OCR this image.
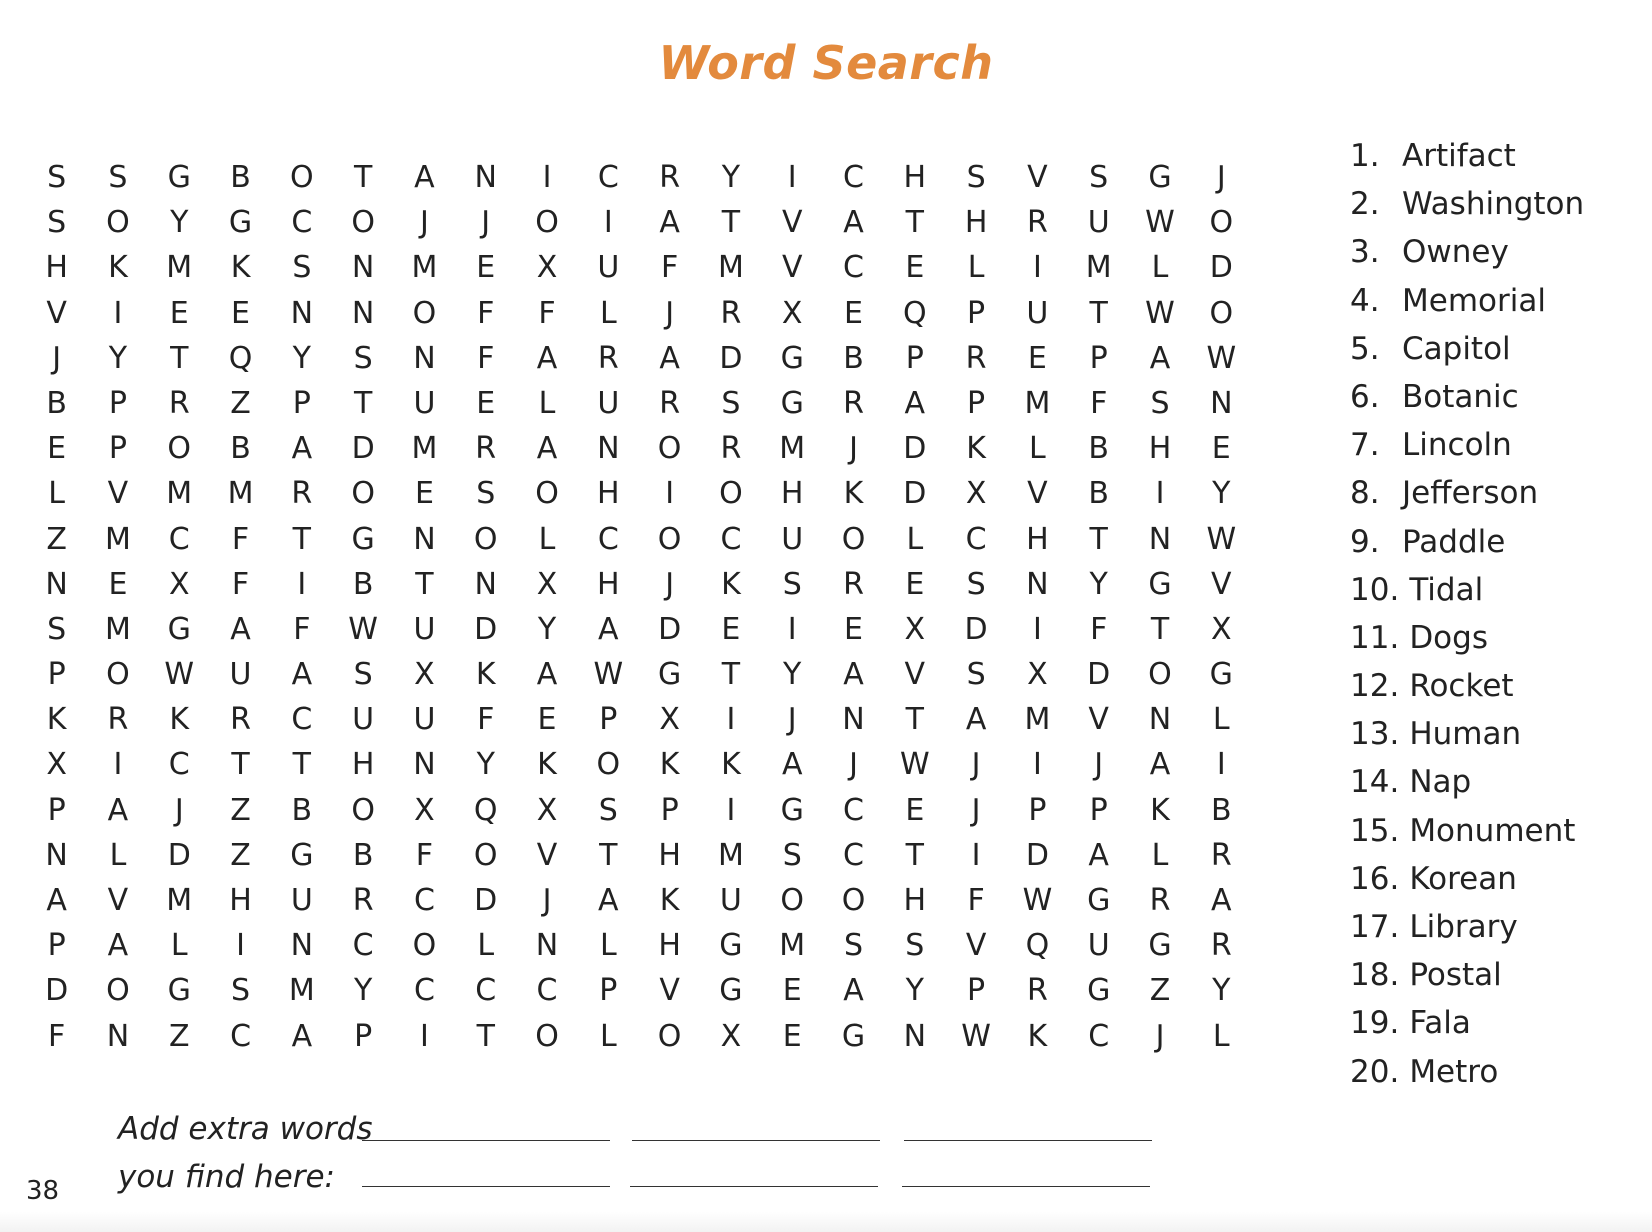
Word Search
S	S	G	B	O	T	A	N	I	C	R	Y	I	C	H	S	V	S	G	J
S	O	Y	G	C	O	J	J	O	I	A	T	V	A	T	H	R	U	W	O
H	K	M	K	S	N	M	E	X	U	F	M	V	C	E	L	I	M	L	D
V	I	E	E	N	N	O	F	F	L	J	R	X	E	Q	P	U	T	W	O
J	Y	T	Q	Y	S	N	F	A	R	A	D	G	B	P	R	E	P	A	W
B	P	R	Z	P	T	U	E	L	U	R	S	G	R	A	P	M	F	S	N
E	P	O	B	A	D	M	R	A	N	O	R	M	J	D	K	L	B	H	E
L	V	M	M	R	O	E	S	O	H	I	O	H	K	D	X	V	B	I	Y
Z	M	C	F	T	G	N	O	L	C	O	C	U	O	L	C	H	T	N	W
N	E	X	F	I	B	T	N	X	H	J	K	S	R	E	S	N	Y	G	V
S	M	G	A	F	W	U	D	Y	A	D	E	I	E	X	D	I	F	T	X
P	O	W	U	A	S	X	K	A	W	G	T	Y	A	V	S	X	D	O	G
K	R	K	R	C	U	U	F	E	P	X	I	J	N	T	A	M	V	N	L
X	I	C	T	T	H	N	Y	K	O	K	K	A	J	W	J	I	J	A	I
P	A	J	Z	B	O	X	Q	X	S	P	I	G	C	E	J	P	P	K	B
N	L	D	Z	G	B	F	O	V	T	H	M	S	C	T	I	D	A	L	R
A	V	M	H	U	R	C	D	J	A	K	U	O	O	H	F	W	G	R	A
P	A	L	I	N	C	O	L	N	L	H	G	M	S	S	V	Q	U	G	R
D	O	G	S	M	Y	C	C	C	P	V	G	E	A	Y	P	R	G	Z	Y
F	N	Z	C	A	P	I	T	O	L	O	X	E	G	N	W	K	C	J	L
1. Artifact
2. Washington
3. Owney
4. Memorial
5. Capitol
6. Botanic
7. Lincoln
8. Jefferson
9. Paddle
10. Tidal
11. Dogs
12. Rocket
13. Human
14. Nap
15. Monument
16. Korean
17. Library
18. Postal
19. Fala
20. Metro
Add extra words
you find here:
38
